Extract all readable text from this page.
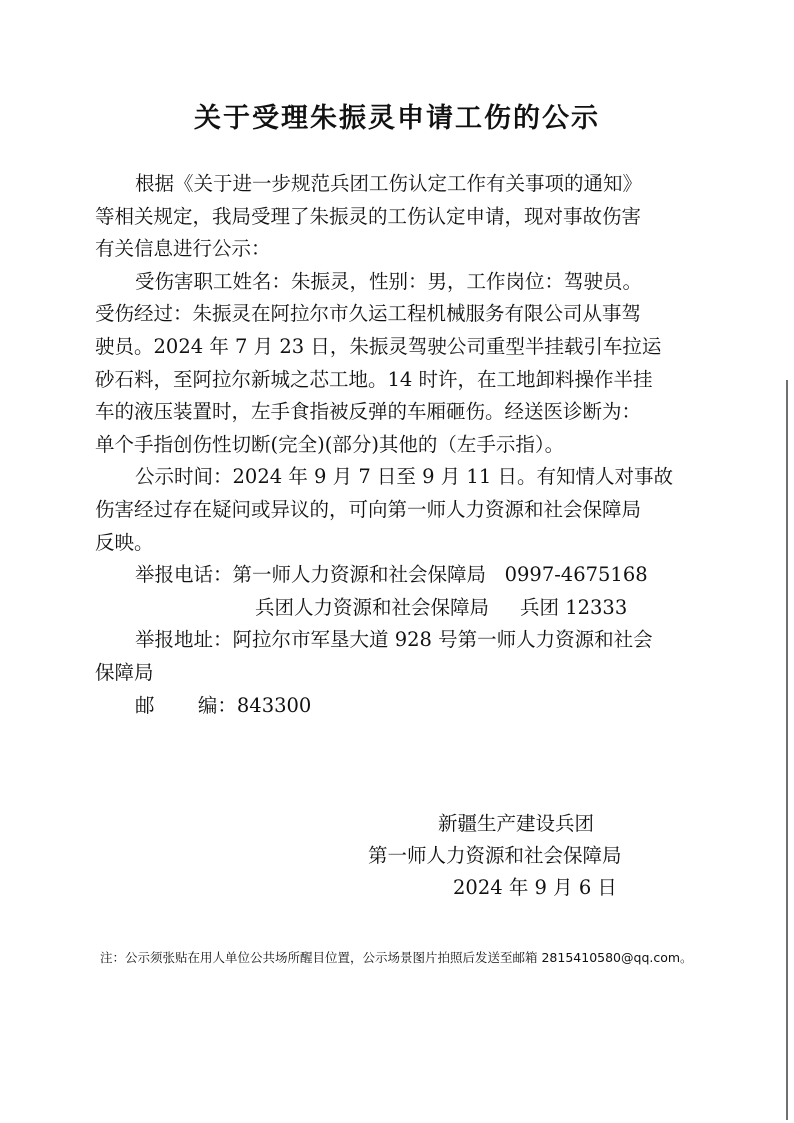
关于受理朱振灵申请工伤的公示

根据《关于进一步规范兵团工伤认定工作有关事项的通知》

等相关规定，我局受理了朱振灵的工伤认定申请，现对事故伤害

有关信息进行公示：

受伤害职工姓名：朱振灵，性别：男，工作岗位：驾驶员。

受伤经过：朱振灵在阿拉尔市久运工程机械服务有限公司从事驾

驶员。2024 年 7 月 23 日，朱振灵驾驶公司重型半挂载引车拉运

砂石料，至阿拉尔新城之芯工地。14 时许，在工地卸料操作半挂

车的液压装置时，左手食指被反弹的车厢砸伤。经送医诊断为：

单个手指创伤性切断(完全)(部分)其他的（左手示指）。

公示时间：2024 年 9 月 7 日至 9 月 11 日。有知情人对事故

伤害经过存在疑问或异议的，可向第一师人力资源和社会保障局

反映。

举报电话：第一师人力资源和社会保障局   0997-4675168

兵团人力资源和社会保障局     兵团 12333

举报地址：阿拉尔市军垦大道 928 号第一师人力资源和社会

保障局

邮       编：843300

新疆生产建设兵团
第一师人力资源和社会保障局
2024 年 9 月 6 日
注：公示须张贴在用人单位公共场所醒目位置，公示场景图片拍照后发送至邮箱 2815410580@qq.com。
